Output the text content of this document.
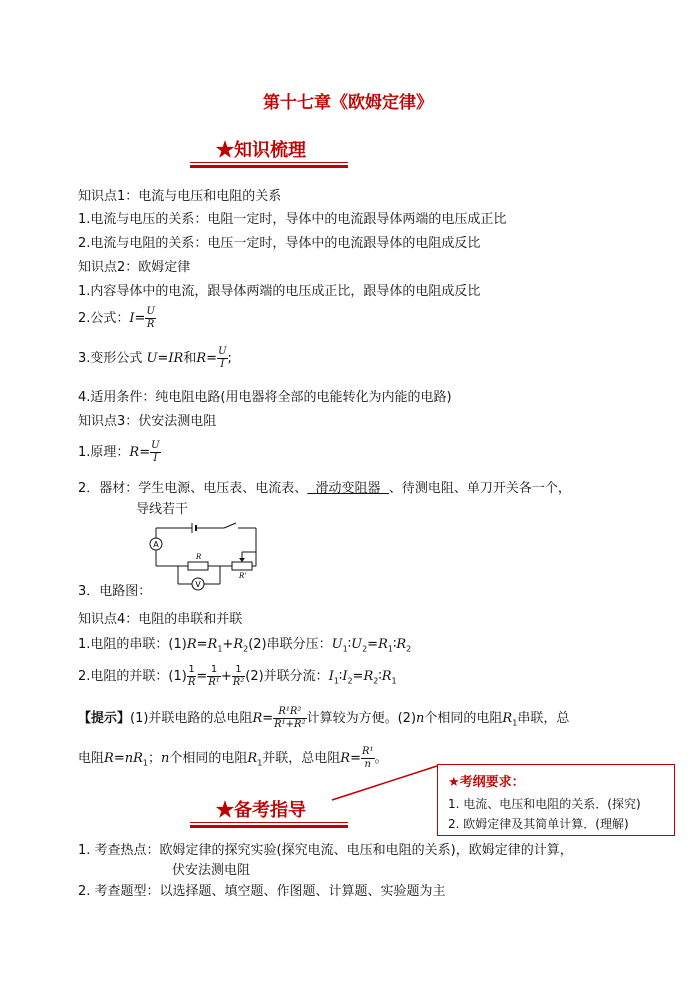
第十七章《欧姆定律》
★知识梳理
知识点1：电流与电压和电阻的关系
1.电流与电压的关系：电阻一定时，导体中的电流跟导体两端的电压成正比
2.电流与电阻的关系：电压一定时，导体中的电流跟导体的电阻成反比
知识点2：欧姆定律
1.内容导体中的电流，跟导体两端的电压成正比，跟导体的电阻成反比
2.公式：$I= \frac{U}{R}$
3.变形公式 U=IR和$R= \frac{U}{I}$ ;
4.适用条件：纯电阻电路(用电器将全部的电能转化为内能的电路)
知识点3：伏安法测电阻
1.原理：$R= \frac{U}{I}$
2．器材：学生电源、电压表、电流表、 滑动变阻器 、待测电阻、单刀开关各一个，
导线若干
A
V
R
R'
3．电路图：
知识点4：电阻的串联和并联
1.电阻的串联：$(1)R=R_1+R_2(2)$串联分压：$U_1∶U_2=R_1∶R_2$
2.电阻的并联：$(1) \frac{1}{R} = \frac{1}{\text{R¹}} + \frac{1}{\text{R²}} (2)$并联分流：$I_1∶I_2=R_2∶R_1$
【提示】(1)并联电路的总电阻$R= \frac{\text{R¹R²}}{\text{R¹+R²}}$ 计算较为方便。(2)n个相同的电阻$R_1$串联，总
电阻$R=nR_1$；n个相同的电阻$R_1$并联，总电阻$R= \frac{\text{R¹}}{n}$ 。
★考纲要求：
1. 电流、电压和电阻的关系．(探究)
2. 欧姆定律及其简单计算．(理解)
★备考指导
1. 考查热点：欧姆定律的探究实验(探究电流、电压和电阻的关系)，欧姆定律的计算，
伏安法测电阻
2. 考查题型：以选择题、填空题、作图题、计算题、实验题为主
